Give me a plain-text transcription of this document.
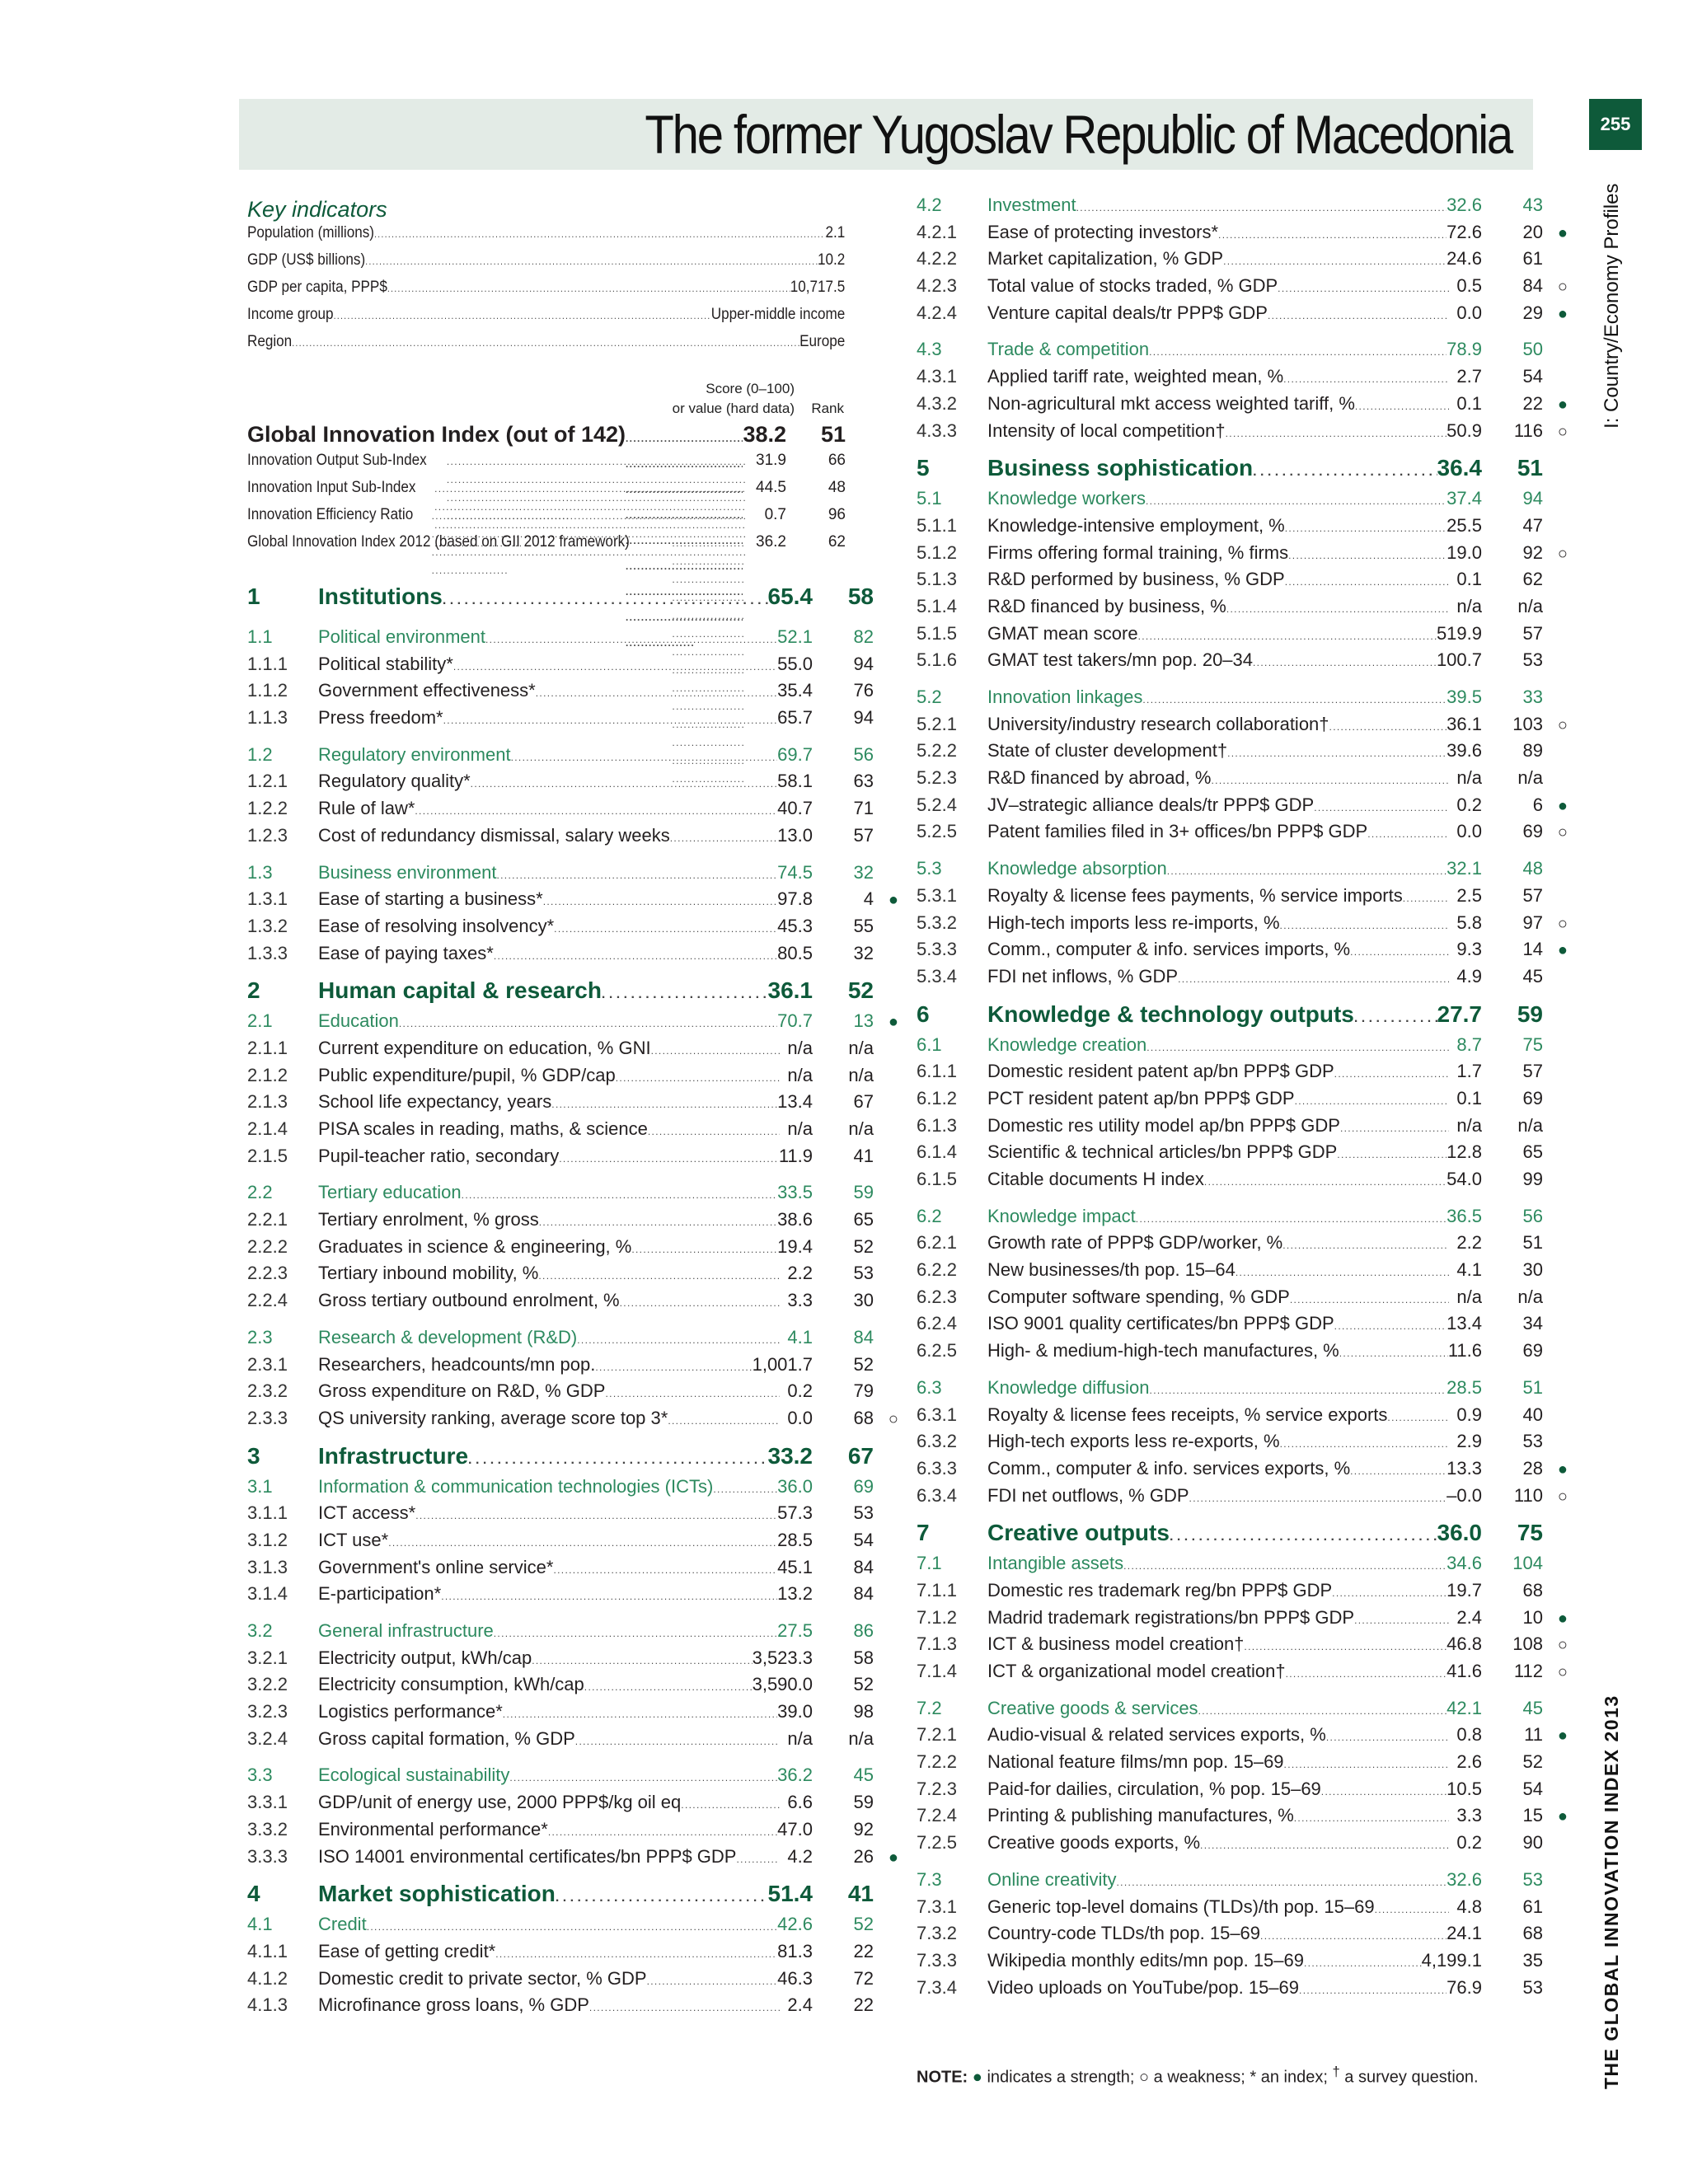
The former Yugoslav Republic of Macedonia	255
I: Country/Economy Profiles
THE GLOBAL INNOVATION INDEX 2013
Key indicators
Population (millions) . . .	2.1
GDP (US$ billions) . . .	10.2
GDP per capita, PPP$ . . .	10,717.5
Income group . . .	Upper-middle income
Region . . .	Europe
Score (0–100)
or value (hard data) Rank
Global Innovation Index (out of 142) . . .	38.2	51
Innovation Output Sub-Index . . .	31.9	66
Innovation Input Sub-Index . . .	44.5	48
Innovation Efficiency Ratio . . .	0.7	96
Global Innovation Index 2012 (based on GII 2012 framework) . . .	36.2	62
1	Institutions . . .	65.4	58
1.1	Political environment . . .	52.1	82
1.1.1	Political stability* . . .	55.0	94
1.1.2	Government effectiveness* . . .	35.4	76
1.1.3	Press freedom* . . .	65.7	94
1.2	Regulatory environment . . .	69.7	56
1.2.1	Regulatory quality* . . .	58.1	63
1.2.2	Rule of law* . . .	40.7	71
1.2.3	Cost of redundancy dismissal, salary weeks . . .	13.0	57
1.3	Business environment . . .	74.5	32
1.3.1	Ease of starting a business* . . .	97.8	4 ●
1.3.2	Ease of resolving insolvency* . . .	45.3	55
1.3.3	Ease of paying taxes* . . .	80.5	32
2	Human capital & research . . .	36.1	52
2.1	Education . . .	70.7	13 ●
2.1.1	Current expenditure on education, % GNI . . .	n/a	n/a
2.1.2	Public expenditure/pupil, % GDP/cap . . .	n/a	n/a
2.1.3	School life expectancy, years . . .	13.4	67
2.1.4	PISA scales in reading, maths, & science . . .	n/a	n/a
2.1.5	Pupil-teacher ratio, secondary . . .	11.9	41
2.2	Tertiary education . . .	33.5	59
2.2.1	Tertiary enrolment, % gross . . .	38.6	65
2.2.2	Graduates in science & engineering, % . . .	19.4	52
2.2.3	Tertiary inbound mobility, % . . .	2.2	53
2.2.4	Gross tertiary outbound enrolment, % . . .	3.3	30
2.3	Research & development (R&D) . . .	4.1	84
2.3.1	Researchers, headcounts/mn pop. . . .	1,001.7	52
2.3.2	Gross expenditure on R&D, % GDP . . .	0.2	79
2.3.3	QS university ranking, average score top 3* . . .	0.0	68 ○
3	Infrastructure . . .	33.2	67
3.1	Information & communication technologies (ICTs) . . .	36.0	69
3.1.1	ICT access* . . .	57.3	53
3.1.2	ICT use* . . .	28.5	54
3.1.3	Government's online service* . . .	45.1	84
3.1.4	E-participation* . . .	13.2	84
3.2	General infrastructure . . .	27.5	86
3.2.1	Electricity output, kWh/cap . . .	3,523.3	58
3.2.2	Electricity consumption, kWh/cap . . .	3,590.0	52
3.2.3	Logistics performance* . . .	39.0	98
3.2.4	Gross capital formation, % GDP . . .	n/a	n/a
3.3	Ecological sustainability . . .	36.2	45
3.3.1	GDP/unit of energy use, 2000 PPP$/kg oil eq . . .	6.6	59
3.3.2	Environmental performance* . . .	47.0	92
3.3.3	ISO 14001 environmental certificates/bn PPP$ GDP . . .	4.2	26 ●
4	Market sophistication . . .	51.4	41
4.1	Credit . . .	42.6	52
4.1.1	Ease of getting credit* . . .	81.3	22
4.1.2	Domestic credit to private sector, % GDP . . .	46.3	72
4.1.3	Microfinance gross loans, % GDP . . .	2.4	22
4.2	Investment . . .	32.6	43
4.2.1	Ease of protecting investors* . . .	72.6	20 ●
4.2.2	Market capitalization, % GDP . . .	24.6	61
4.2.3	Total value of stocks traded, % GDP . . .	0.5	84 ○
4.2.4	Venture capital deals/tr PPP$ GDP . . .	0.0	29 ●
4.3	Trade & competition . . .	78.9	50
4.3.1	Applied tariff rate, weighted mean, % . . .	2.7	54
4.3.2	Non-agricultural mkt access weighted tariff, % . . .	0.1	22 ●
4.3.3	Intensity of local competition† . . .	50.9	116 ○
5	Business sophistication . . .	36.4	51
5.1	Knowledge workers . . .	37.4	94
5.1.1	Knowledge-intensive employment, % . . .	25.5	47
5.1.2	Firms offering formal training, % firms . . .	19.0	92 ○
5.1.3	R&D performed by business, % GDP . . .	0.1	62
5.1.4	R&D financed by business, % . . .	n/a	n/a
5.1.5	GMAT mean score . . .	519.9	57
5.1.6	GMAT test takers/mn pop. 20–34 . . .	100.7	53
5.2	Innovation linkages . . .	39.5	33
5.2.1	University/industry research collaboration† . . .	36.1	103 ○
5.2.2	State of cluster development† . . .	39.6	89
5.2.3	R&D financed by abroad, % . . .	n/a	n/a
5.2.4	JV–strategic alliance deals/tr PPP$ GDP . . .	0.2	6 ●
5.2.5	Patent families filed in 3+ offices/bn PPP$ GDP . . .	0.0	69 ○
5.3	Knowledge absorption . . .	32.1	48
5.3.1	Royalty & license fees payments, % service imports . . .	2.5	57
5.3.2	High-tech imports less re-imports, % . . .	5.8	97 ○
5.3.3	Comm., computer & info. services imports, % . . .	9.3	14 ●
5.3.4	FDI net inflows, % GDP . . .	4.9	45
6	Knowledge & technology outputs . . .	27.7	59
6.1	Knowledge creation . . .	8.7	75
6.1.1	Domestic resident patent ap/bn PPP$ GDP . . .	1.7	57
6.1.2	PCT resident patent ap/bn PPP$ GDP . . .	0.1	69
6.1.3	Domestic res utility model ap/bn PPP$ GDP . . .	n/a	n/a
6.1.4	Scientific & technical articles/bn PPP$ GDP . . .	12.8	65
6.1.5	Citable documents H index . . .	54.0	99
6.2	Knowledge impact . . .	36.5	56
6.2.1	Growth rate of PPP$ GDP/worker, % . . .	2.2	51
6.2.2	New businesses/th pop. 15–64 . . .	4.1	30
6.2.3	Computer software spending, % GDP . . .	n/a	n/a
6.2.4	ISO 9001 quality certificates/bn PPP$ GDP . . .	13.4	34
6.2.5	High- & medium-high-tech manufactures, % . . .	11.6	69
6.3	Knowledge diffusion . . .	28.5	51
6.3.1	Royalty & license fees receipts, % service exports . . .	0.9	40
6.3.2	High-tech exports less re-exports, % . . .	2.9	53
6.3.3	Comm., computer & info. services exports, % . . .	13.3	28 ●
6.3.4	FDI net outflows, % GDP . . .	–0.0	110 ○
7	Creative outputs . . .	36.0	75
7.1	Intangible assets . . .	34.6	104
7.1.1	Domestic res trademark reg/bn PPP$ GDP . . .	19.7	68
7.1.2	Madrid trademark registrations/bn PPP$ GDP . . .	2.4	10 ●
7.1.3	ICT & business model creation† . . .	46.8	108 ○
7.1.4	ICT & organizational model creation† . . .	41.6	112 ○
7.2	Creative goods & services . . .	42.1	45
7.2.1	Audio-visual & related services exports, % . . .	0.8	11 ●
7.2.2	National feature films/mn pop. 15–69 . . .	2.6	52
7.2.3	Paid-for dailies, circulation, % pop. 15–69 . . .	10.5	54
7.2.4	Printing & publishing manufactures, % . . .	3.3	15 ●
7.2.5	Creative goods exports, % . . .	0.2	90
7.3	Online creativity . . .	32.6	53
7.3.1	Generic top-level domains (TLDs)/th pop. 15–69 . . .	4.8	61
7.3.2	Country-code TLDs/th pop. 15–69 . . .	24.1	68
7.3.3	Wikipedia monthly edits/mn pop. 15–69 . . .	4,199.1	35
7.3.4	Video uploads on YouTube/pop. 15–69 . . .	76.9	53
NOTE: ● indicates a strength; ○ a weakness; * an index; † a survey question.
